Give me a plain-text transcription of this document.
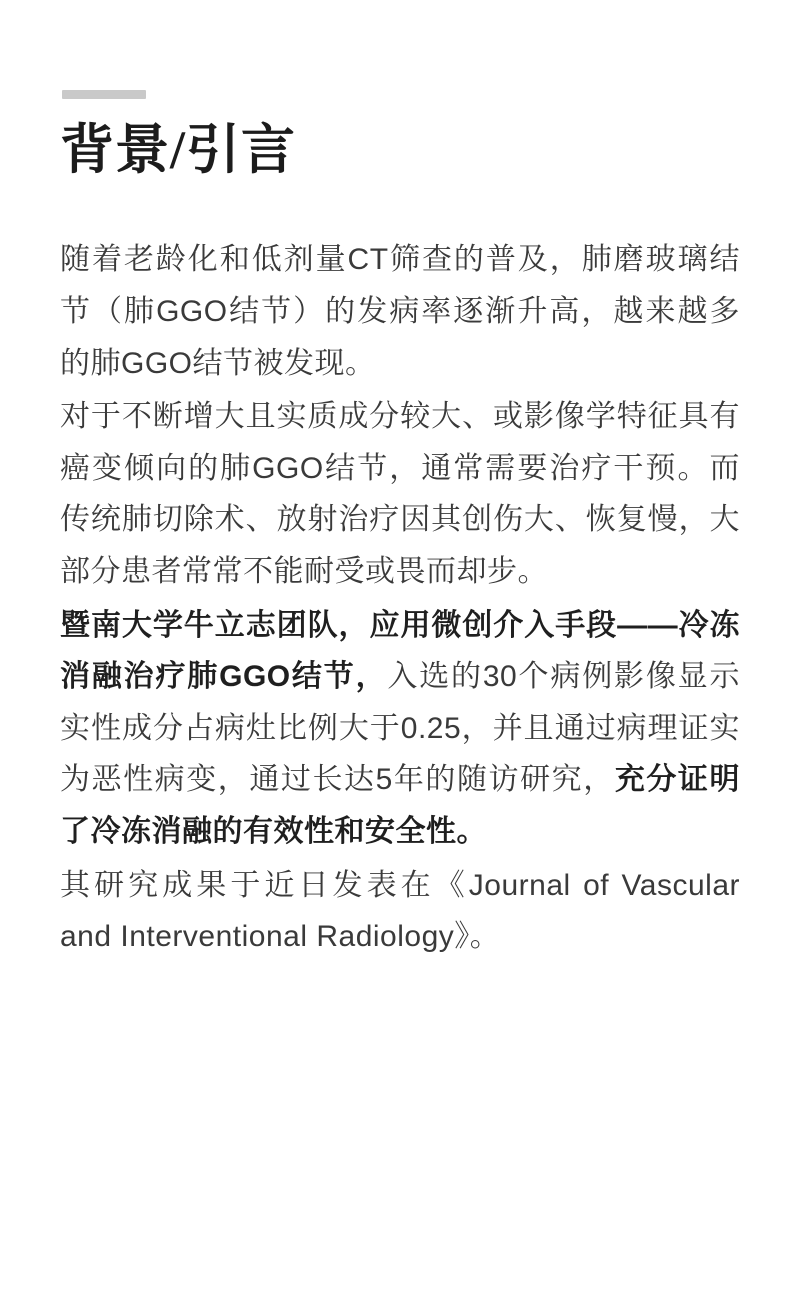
背景/引言

随着老龄化和低剂量CT筛查的普及，肺磨玻璃结节（肺GGO结节）的发病率逐渐升高，越来越多的肺GGO结节被发现。

对于不断增大且实质成分较大、或影像学特征具有癌变倾向的肺GGO结节，通常需要治疗干预。而传统肺切除术、放射治疗因其创伤大、恢复慢，大部分患者常常不能耐受或畏而却步。

暨南大学牛立志团队，应用微创介入手段——冷冻消融治疗肺GGO结节，入选的30个病例影像显示实性成分占病灶比例大于0.25，并且通过病理证实为恶性病变，通过长达5年的随访研究，充分证明了冷冻消融的有效性和安全性。

其研究成果于近日发表在《Journal of Vascular and Interventional Radiology》。
